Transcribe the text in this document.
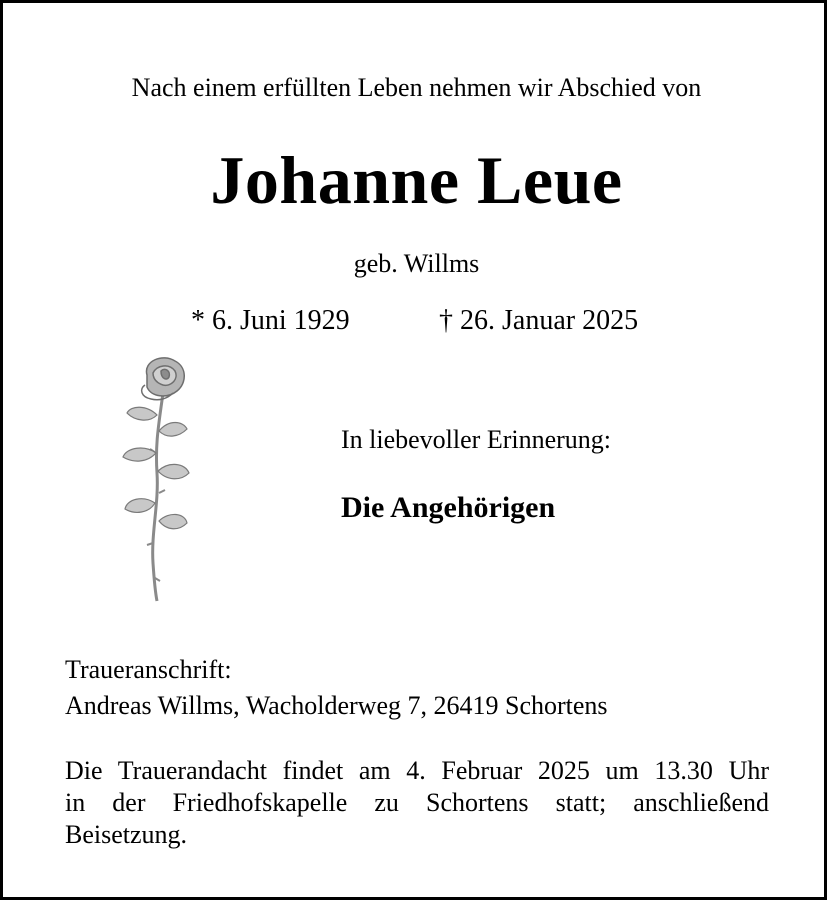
Nach einem erfüllten Leben nehmen wir Abschied von
Johanne Leue
geb. Willms
* 6. Juni 1929	† 26. Januar 2025
In liebevoller Erinnerung:
Die Angehörigen
Traueranschrift:
Andreas Willms, Wacholderweg 7, 26419 Schortens
Die Trauerandacht findet am 4. Februar 2025 um 13.30 Uhr
in der Friedhofskapelle zu Schortens statt; anschließend
Beisetzung.
